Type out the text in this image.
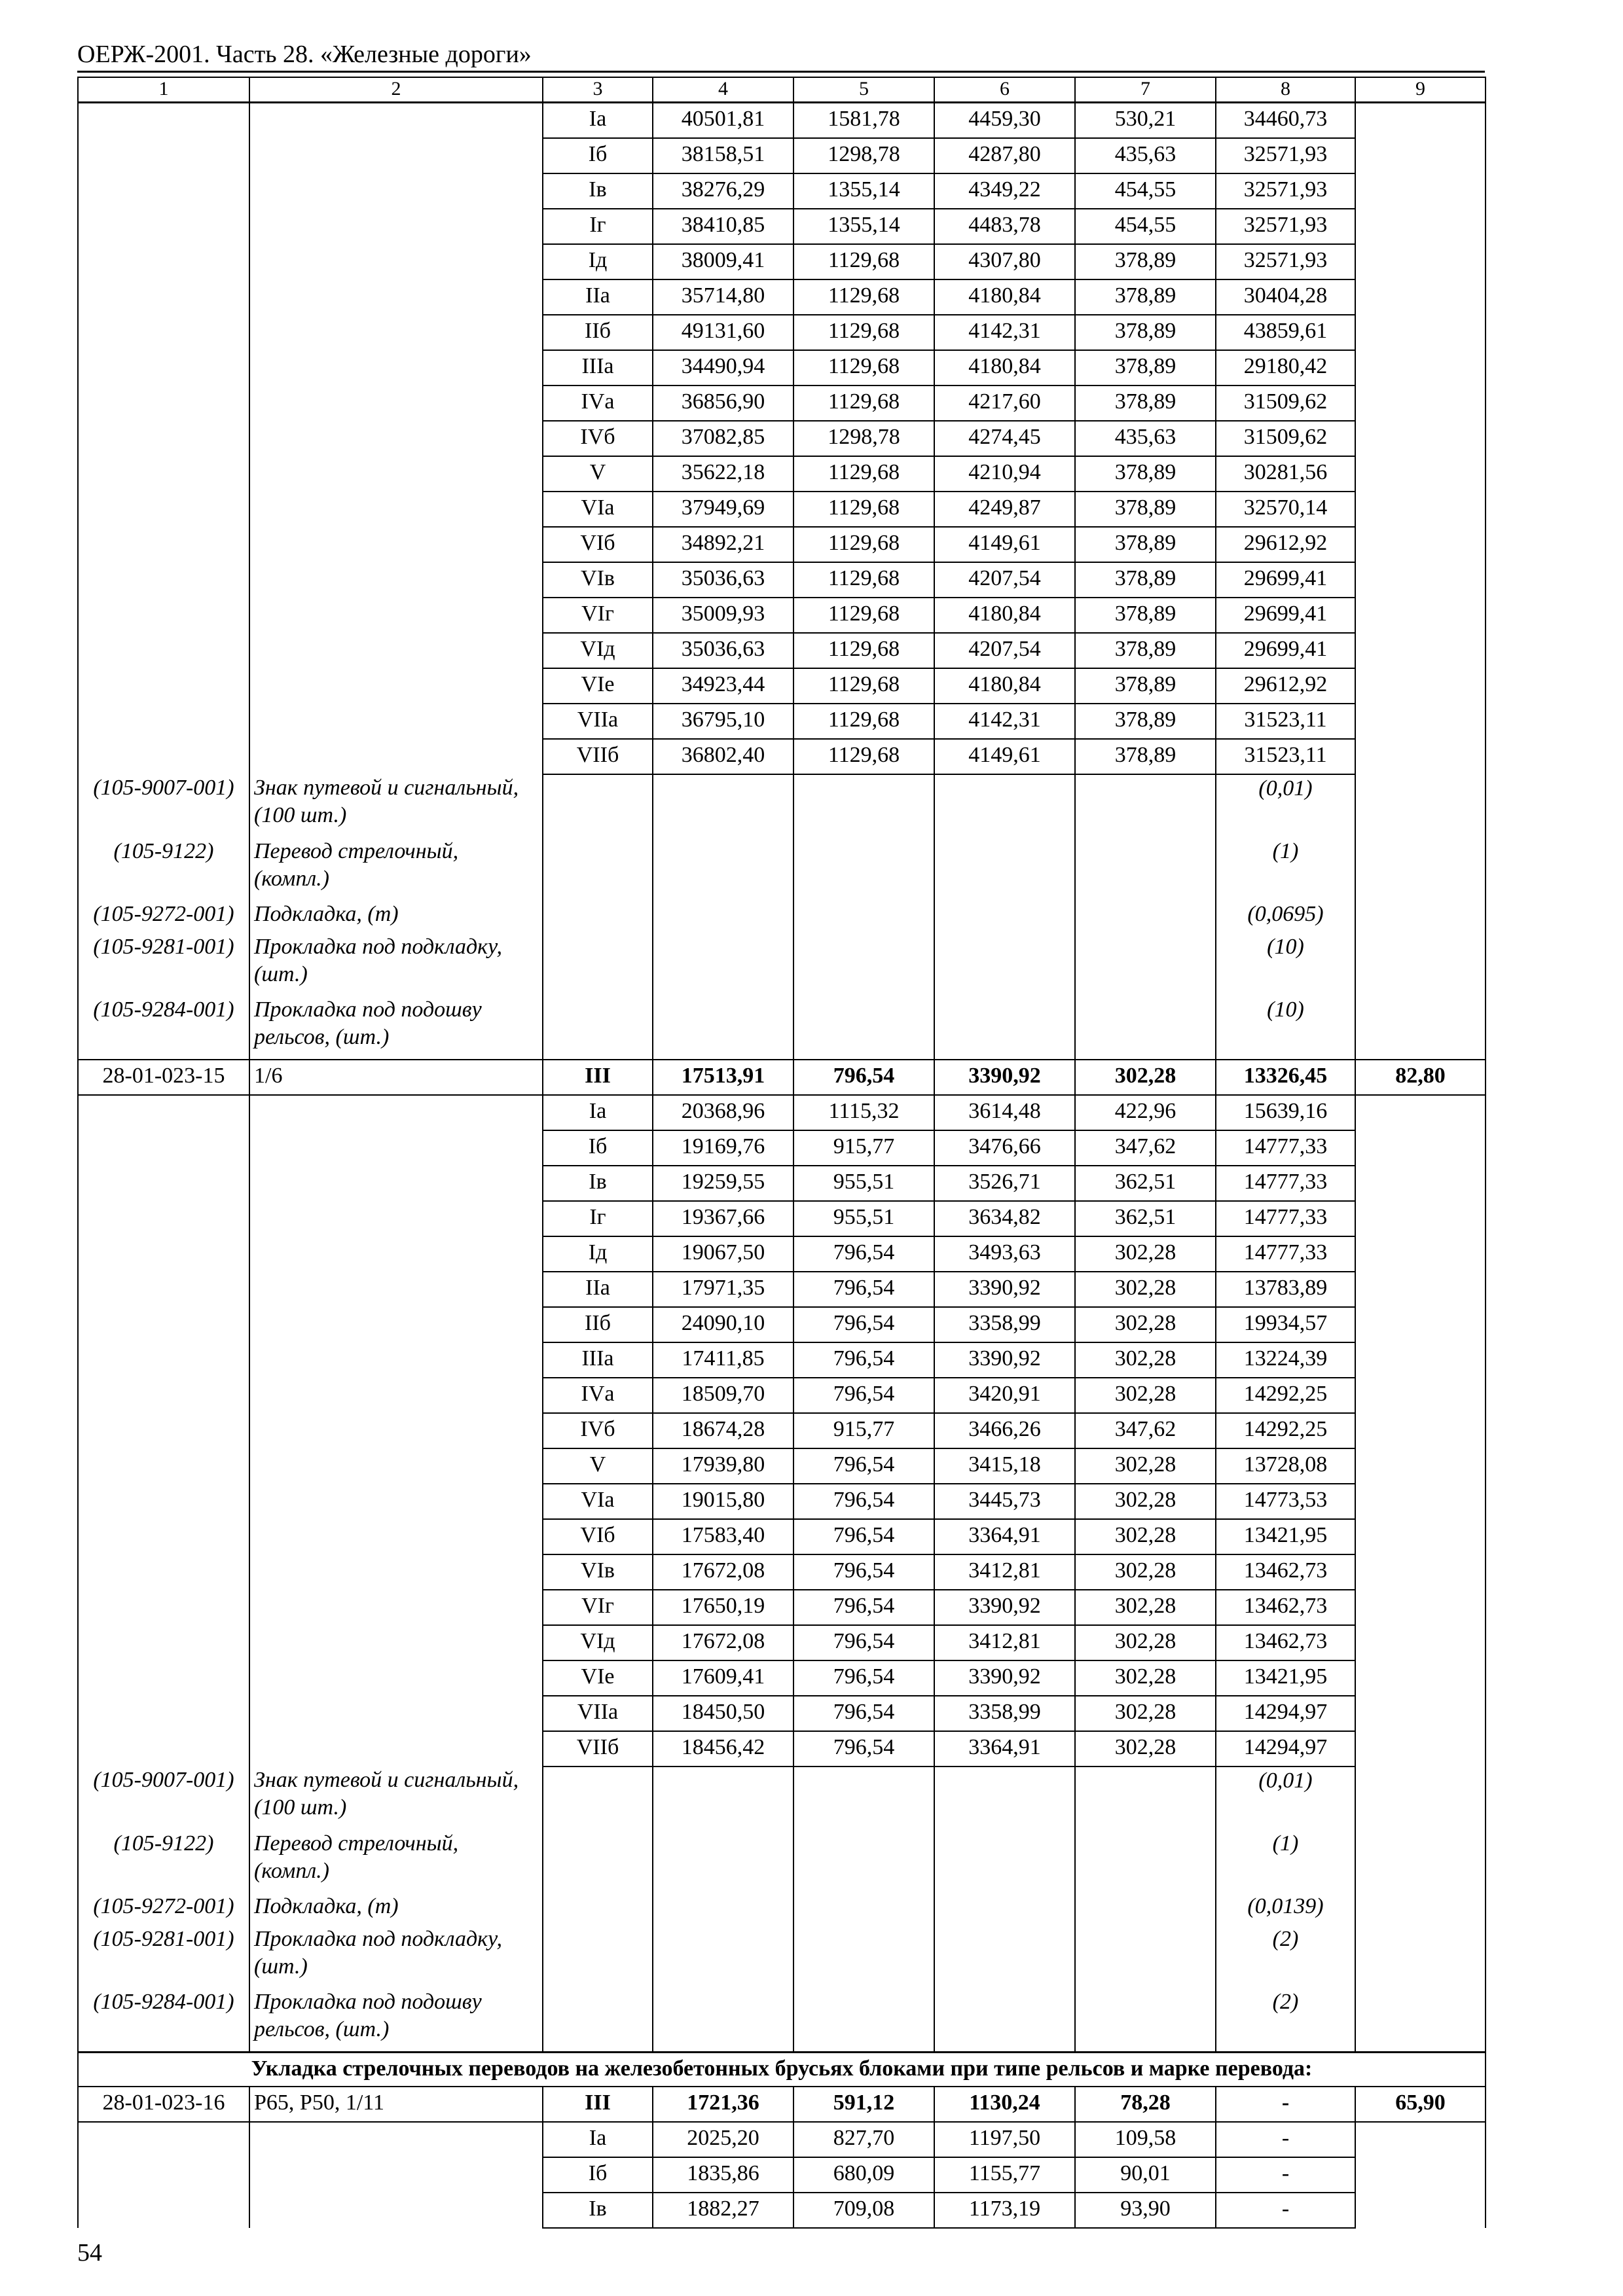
ОЕРЖ-2001. Часть 28. «Железные дороги»
1	2	3	4	5	6	7	8	9
		Iа	40501,81	1581,78	4459,30	530,21	34460,73	
		Iб	38158,51	1298,78	4287,80	435,63	32571,93	
		Iв	38276,29	1355,14	4349,22	454,55	32571,93	
		Iг	38410,85	1355,14	4483,78	454,55	32571,93	
		Iд	38009,41	1129,68	4307,80	378,89	32571,93	
		IIа	35714,80	1129,68	4180,84	378,89	30404,28	
		IIб	49131,60	1129,68	4142,31	378,89	43859,61	
		IIIа	34490,94	1129,68	4180,84	378,89	29180,42	
		IVа	36856,90	1129,68	4217,60	378,89	31509,62	
		IVб	37082,85	1298,78	4274,45	435,63	31509,62	
		V	35622,18	1129,68	4210,94	378,89	30281,56	
		VIа	37949,69	1129,68	4249,87	378,89	32570,14	
		VIб	34892,21	1129,68	4149,61	378,89	29612,92	
		VIв	35036,63	1129,68	4207,54	378,89	29699,41	
		VIг	35009,93	1129,68	4180,84	378,89	29699,41	
		VIд	35036,63	1129,68	4207,54	378,89	29699,41	
		VIе	34923,44	1129,68	4180,84	378,89	29612,92	
		VIIа	36795,10	1129,68	4142,31	378,89	31523,11	
		VIIб	36802,40	1129,68	4149,61	378,89	31523,11	
(105-9007-001)	Знак путевой и сигнальный, (100 шт.)						(0,01)	
(105-9122)	Перевод стрелочный, (компл.)						(1)	
(105-9272-001)	Подкладка, (т)						(0,0695)	
(105-9281-001)	Прокладка под подкладку, (шт.)						(10)	
(105-9284-001)	Прокладка под подошву рельсов, (шт.)						(10)	
28-01-023-15	1/6	III	17513,91	796,54	3390,92	302,28	13326,45	82,80
		Iа	20368,96	1115,32	3614,48	422,96	15639,16	
		Iб	19169,76	915,77	3476,66	347,62	14777,33	
		Iв	19259,55	955,51	3526,71	362,51	14777,33	
		Iг	19367,66	955,51	3634,82	362,51	14777,33	
		Iд	19067,50	796,54	3493,63	302,28	14777,33	
		IIа	17971,35	796,54	3390,92	302,28	13783,89	
		IIб	24090,10	796,54	3358,99	302,28	19934,57	
		IIIа	17411,85	796,54	3390,92	302,28	13224,39	
		IVа	18509,70	796,54	3420,91	302,28	14292,25	
		IVб	18674,28	915,77	3466,26	347,62	14292,25	
		V	17939,80	796,54	3415,18	302,28	13728,08	
		VIа	19015,80	796,54	3445,73	302,28	14773,53	
		VIб	17583,40	796,54	3364,91	302,28	13421,95	
		VIв	17672,08	796,54	3412,81	302,28	13462,73	
		VIг	17650,19	796,54	3390,92	302,28	13462,73	
		VIд	17672,08	796,54	3412,81	302,28	13462,73	
		VIе	17609,41	796,54	3390,92	302,28	13421,95	
		VIIа	18450,50	796,54	3358,99	302,28	14294,97	
		VIIб	18456,42	796,54	3364,91	302,28	14294,97	
(105-9007-001)	Знак путевой и сигнальный, (100 шт.)						(0,01)	
(105-9122)	Перевод стрелочный, (компл.)						(1)	
(105-9272-001)	Подкладка, (т)						(0,0139)	
(105-9281-001)	Прокладка под подкладку, (шт.)						(2)	
(105-9284-001)	Прокладка под подошву рельсов, (шт.)						(2)	
Укладка стрелочных переводов на железобетонных брусьях блоками при типе рельсов и марке перевода:								
28-01-023-16	Р65, Р50, 1/11	III	1721,36	591,12	1130,24	78,28	-	65,90
		Iа	2025,20	827,70	1197,50	109,58	-	
		Iб	1835,86	680,09	1155,77	90,01	-	
		Iв	1882,27	709,08	1173,19	93,90	-	
54
